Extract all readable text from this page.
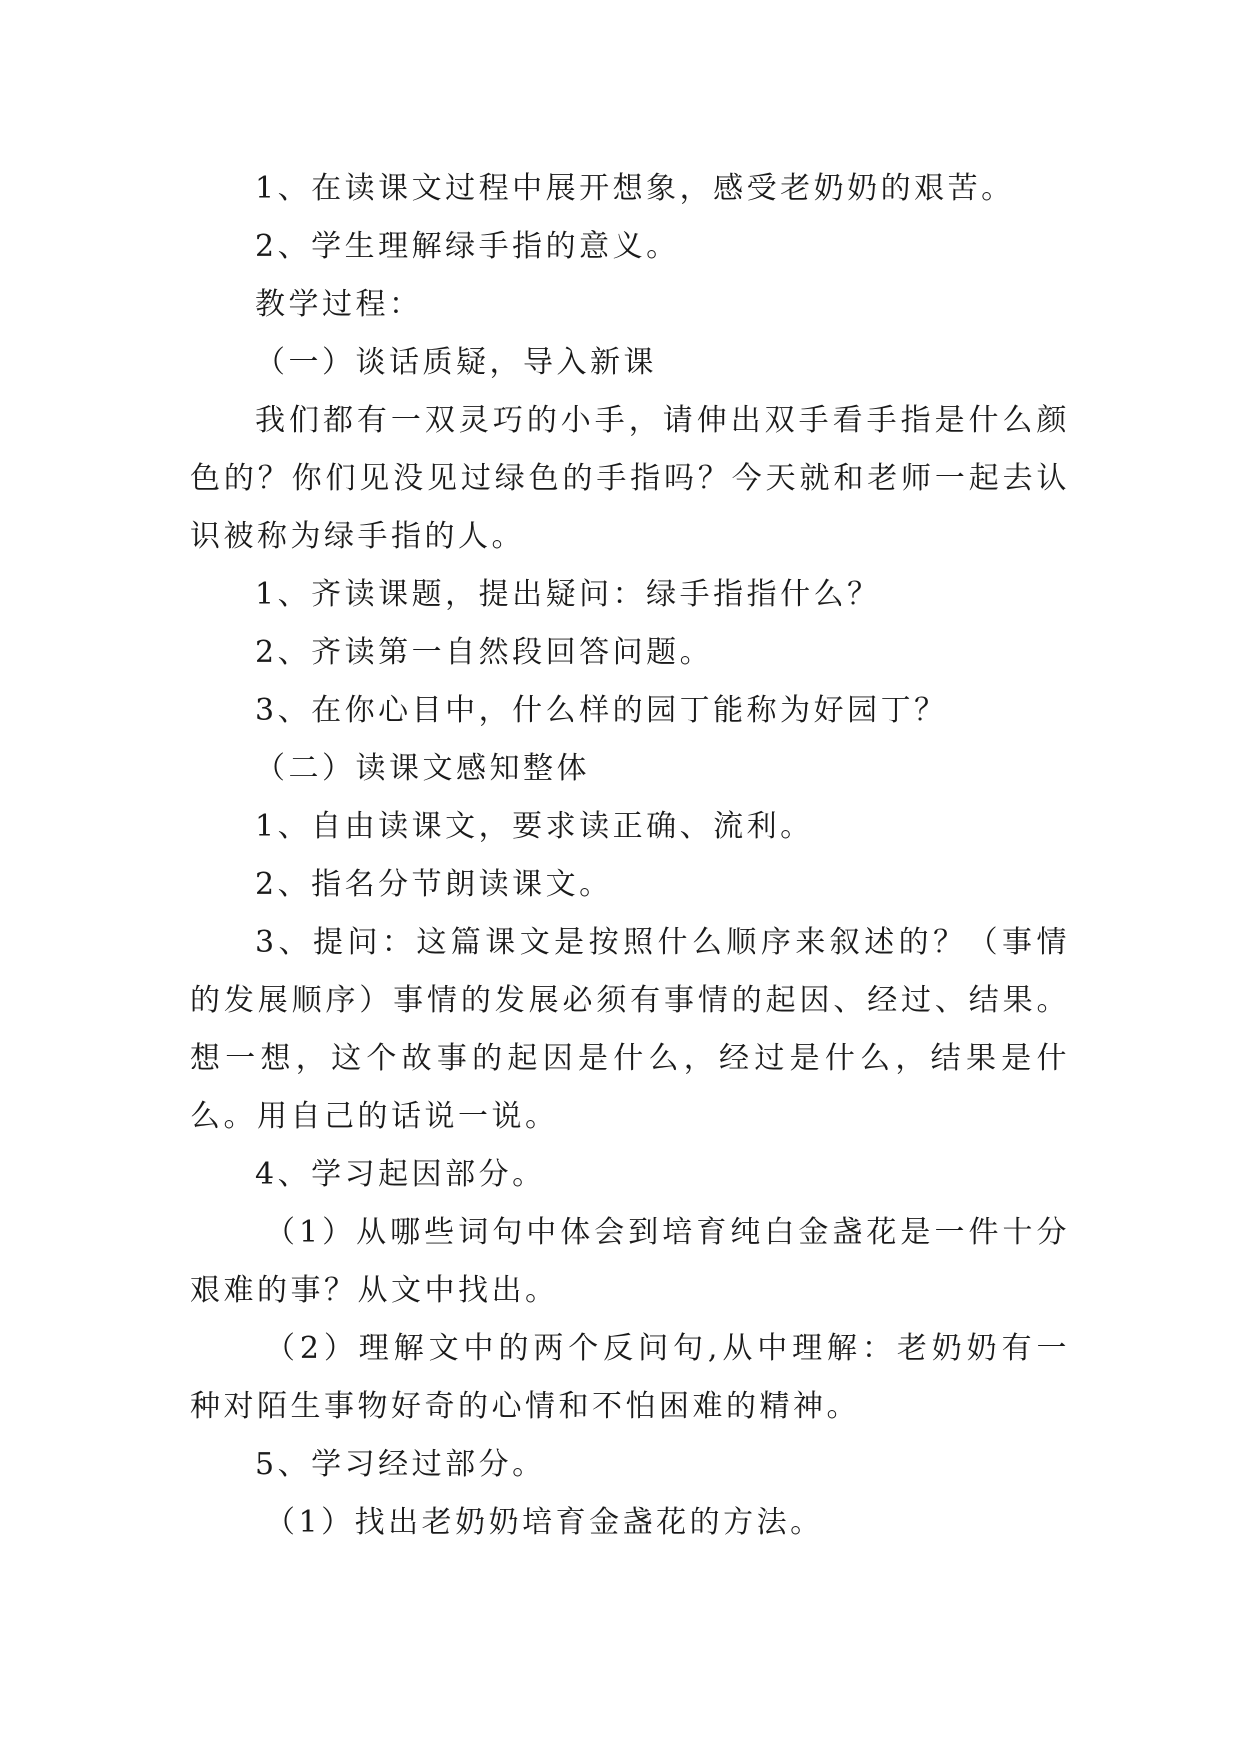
1、在读课文过程中展开想象，感受老奶奶的艰苦。

2、学生理解绿手指的意义。

教学过程：

（一）谈话质疑，导入新课

我们都有一双灵巧的小手，请伸出双手看手指是什么颜色的？你们见没见过绿色的手指吗？今天就和老师一起去认识被称为绿手指的人。

1、齐读课题，提出疑问：绿手指指什么？

2、齐读第一自然段回答问题。

3、在你心目中，什么样的园丁能称为好园丁？

（二）读课文感知整体

1、自由读课文，要求读正确、流利。

2、指名分节朗读课文。

3、提问：这篇课文是按照什么顺序来叙述的？（事情的发展顺序）事情的发展必须有事情的起因、经过、结果。想一想，这个故事的起因是什么，经过是什么，结果是什么。用自己的话说一说。

4、学习起因部分。

（1）从哪些词句中体会到培育纯白金盏花是一件十分艰难的事？从文中找出。

（2）理解文中的两个反问句,从中理解：老奶奶有一种对陌生事物好奇的心情和不怕困难的精神。

5、学习经过部分。

（1）找出老奶奶培育金盏花的方法。
